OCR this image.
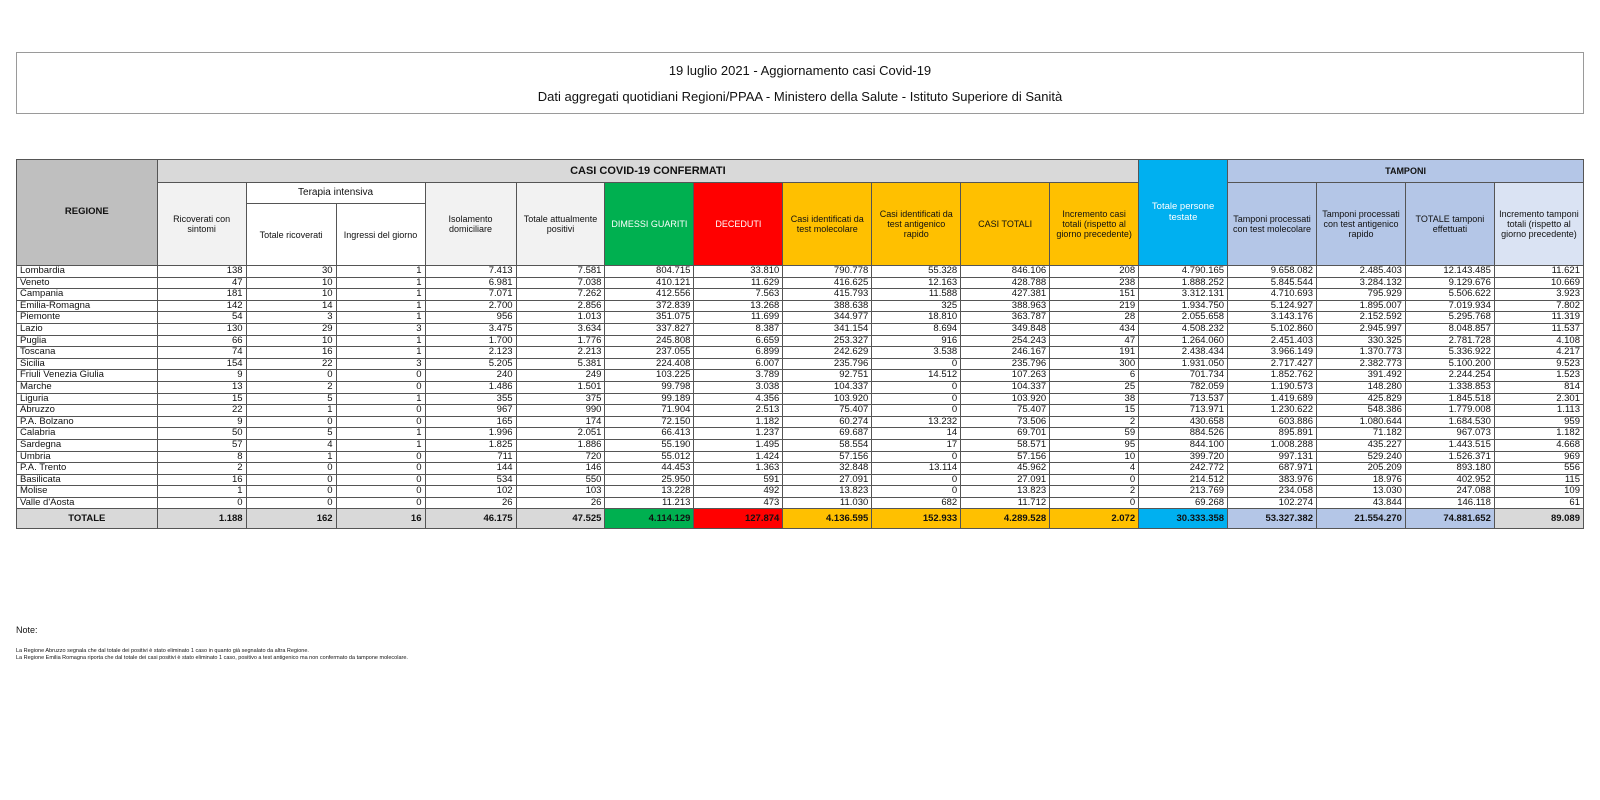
19 luglio 2021 - Aggiornamento casi Covid-19
Dati aggregati quotidiani Regioni/PPAA - Ministero della Salute - Istituto Superiore di Sanità
REGIONE	CASI COVID-19 CONFERMATI											Totale persone testate	TAMPONI			
	Ricoverati con sintomi	Terapia intensiva		Isolamento domiciliare	Totale attualmente positivi	DIMESSI GUARITI	DECEDUTI	Casi identificati da test molecolare	Casi identificati da test antigenico rapido	CASI TOTALI	Incremento casi totali (rispetto al giorno precedente)		Tamponi processati con test molecolare	Tamponi processati con test antigenico rapido	TOTALE tamponi effettuati	Incremento tamponi totali (rispetto al giorno precedente)
		Totale ricoverati	Ingressi del giorno													
Lombardia	138	30	1	7.413	7.581	804.715	33.810	790.778	55.328	846.106	208	4.790.165	9.658.082	2.485.403	12.143.485	11.621
Veneto	47	10	1	6.981	7.038	410.121	11.629	416.625	12.163	428.788	238	1.888.252	5.845.544	3.284.132	9.129.676	10.669
Campania	181	10	1	7.071	7.262	412.556	7.563	415.793	11.588	427.381	151	3.312.131	4.710.693	795.929	5.506.622	3.923
Emilia-Romagna	142	14	1	2.700	2.856	372.839	13.268	388.638	325	388.963	219	1.934.750	5.124.927	1.895.007	7.019.934	7.802
Piemonte	54	3	1	956	1.013	351.075	11.699	344.977	18.810	363.787	28	2.055.658	3.143.176	2.152.592	5.295.768	11.319
Lazio	130	29	3	3.475	3.634	337.827	8.387	341.154	8.694	349.848	434	4.508.232	5.102.860	2.945.997	8.048.857	11.537
Puglia	66	10	1	1.700	1.776	245.808	6.659	253.327	916	254.243	47	1.264.060	2.451.403	330.325	2.781.728	4.108
Toscana	74	16	1	2.123	2.213	237.055	6.899	242.629	3.538	246.167	191	2.438.434	3.966.149	1.370.773	5.336.922	4.217
Sicilia	154	22	3	5.205	5.381	224.408	6.007	235.796	0	235.796	300	1.931.050	2.717.427	2.382.773	5.100.200	9.523
Friuli Venezia Giulia	9	0	0	240	249	103.225	3.789	92.751	14.512	107.263	6	701.734	1.852.762	391.492	2.244.254	1.523
Marche	13	2	0	1.486	1.501	99.798	3.038	104.337	0	104.337	25	782.059	1.190.573	148.280	1.338.853	814
Liguria	15	5	1	355	375	99.189	4.356	103.920	0	103.920	38	713.537	1.419.689	425.829	1.845.518	2.301
Abruzzo	22	1	0	967	990	71.904	2.513	75.407	0	75.407	15	713.971	1.230.622	548.386	1.779.008	1.113
P.A. Bolzano	9	0	0	165	174	72.150	1.182	60.274	13.232	73.506	2	430.658	603.886	1.080.644	1.684.530	959
Calabria	50	5	1	1.996	2.051	66.413	1.237	69.687	14	69.701	59	884.526	895.891	71.182	967.073	1.182
Sardegna	57	4	1	1.825	1.886	55.190	1.495	58.554	17	58.571	95	844.100	1.008.288	435.227	1.443.515	4.668
Umbria	8	1	0	711	720	55.012	1.424	57.156	0	57.156	10	399.720	997.131	529.240	1.526.371	969
P.A. Trento	2	0	0	144	146	44.453	1.363	32.848	13.114	45.962	4	242.772	687.971	205.209	893.180	556
Basilicata	16	0	0	534	550	25.950	591	27.091	0	27.091	0	214.512	383.976	18.976	402.952	115
Molise	1	0	0	102	103	13.228	492	13.823	0	13.823	2	213.769	234.058	13.030	247.088	109
Valle d'Aosta	0	0	0	26	26	11.213	473	11.030	682	11.712	0	69.268	102.274	43.844	146.118	61
TOTALE	1.188	162	16	46.175	47.525	4.114.129	127.874	4.136.595	152.933	4.289.528	2.072	30.333.358	53.327.382	21.554.270	74.881.652	89.089
Note:
La Regione Abruzzo segnala che dal totale dei positivi è stato eliminato 1 caso in quanto già segnalato da altra Regione.
La Regione Emilia Romagna riporta che dal totale dei casi positivi è stato eliminato 1 caso, positivo a test antigenico ma non confermato da tampone molecolare.
